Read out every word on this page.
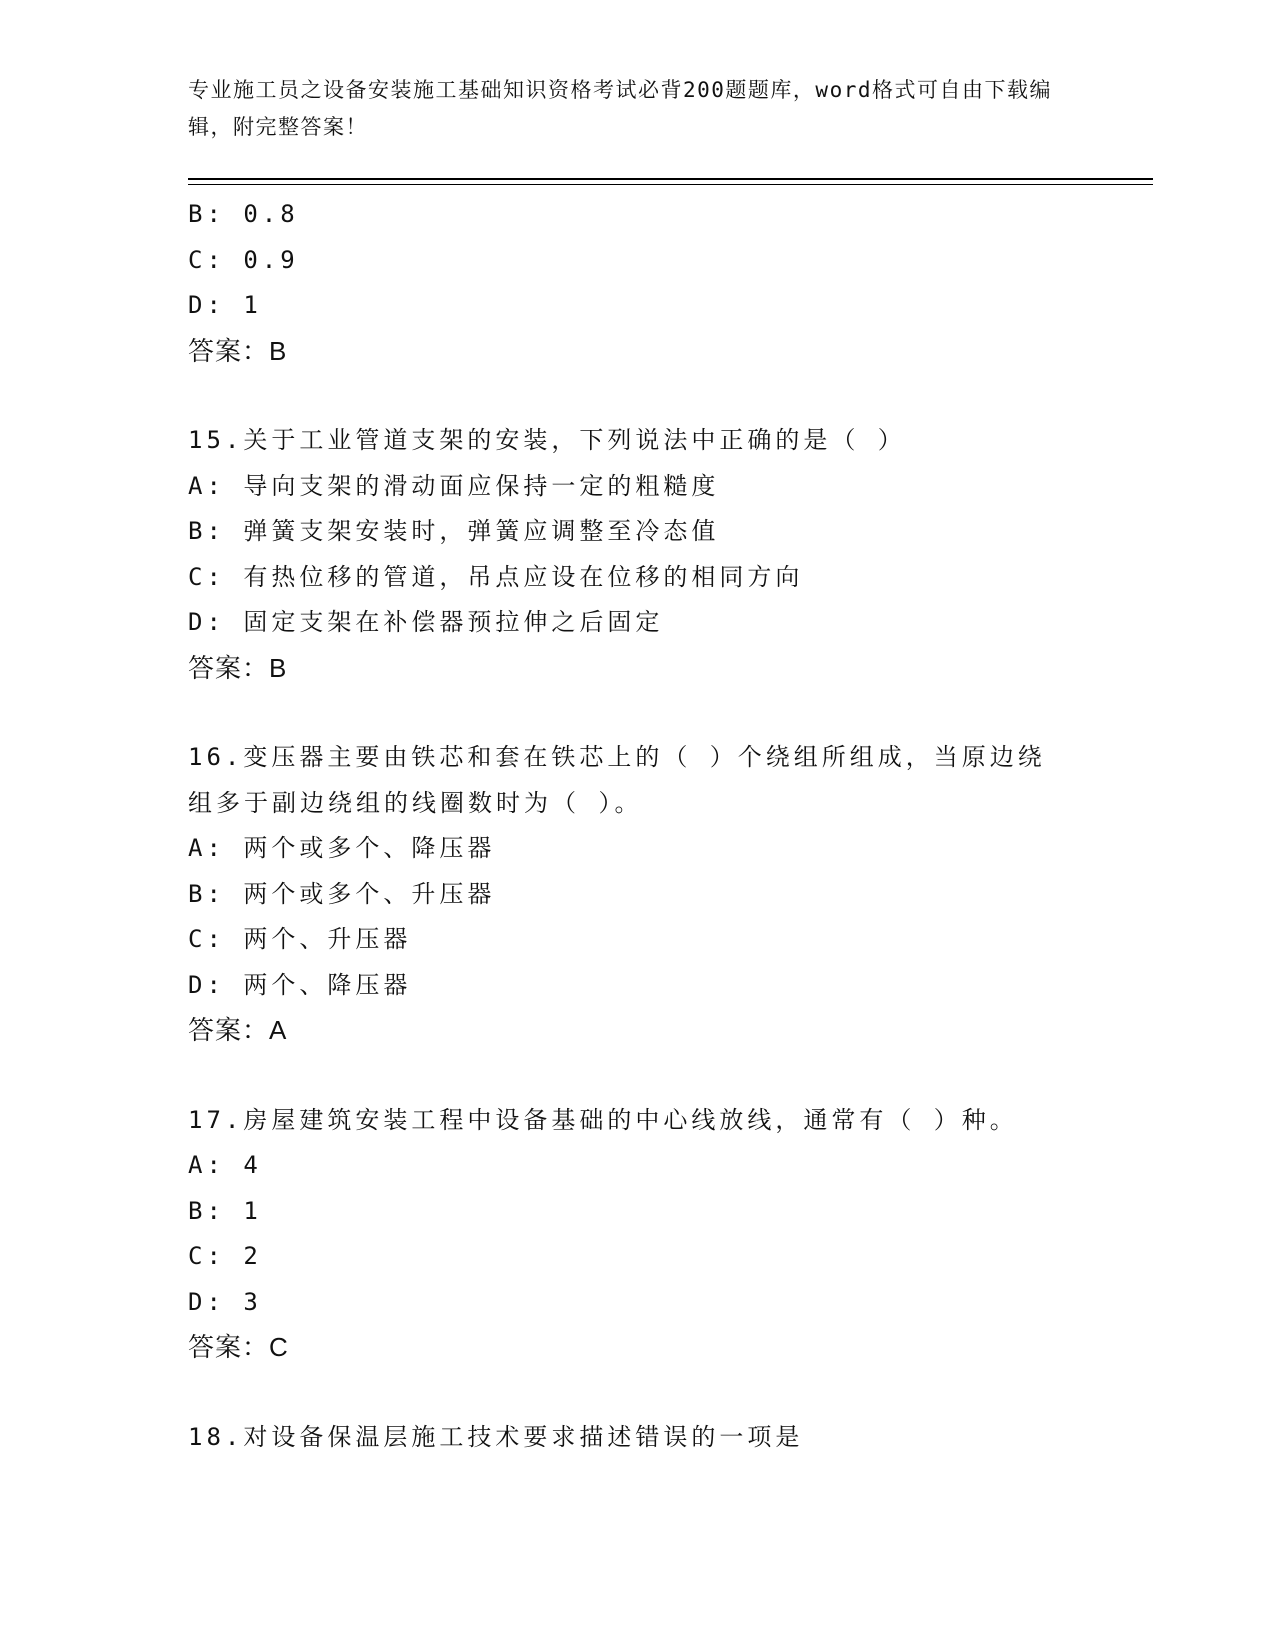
专业施工员之设备安装施工基础知识资格考试必背200题题库，word格式可自由下载编辑，附完整答案！
B: 0.8
C: 0.9
D: 1
答案：B
15.关于工业管道支架的安装，下列说法中正确的是（ ）
A: 导向支架的滑动面应保持一定的粗糙度
B: 弹簧支架安装时，弹簧应调整至冷态值
C: 有热位移的管道，吊点应设在位移的相同方向
D: 固定支架在补偿器预拉伸之后固定
答案：B
16.变压器主要由铁芯和套在铁芯上的（ ）个绕组所组成，当原边绕组多于副边绕组的线圈数时为（ ）。
A: 两个或多个、降压器
B: 两个或多个、升压器
C: 两个、升压器
D: 两个、降压器
答案：A
17.房屋建筑安装工程中设备基础的中心线放线，通常有（ ）种。
A: 4
B: 1
C: 2
D: 3
答案：C
18.对设备保温层施工技术要求描述错误的一项是
